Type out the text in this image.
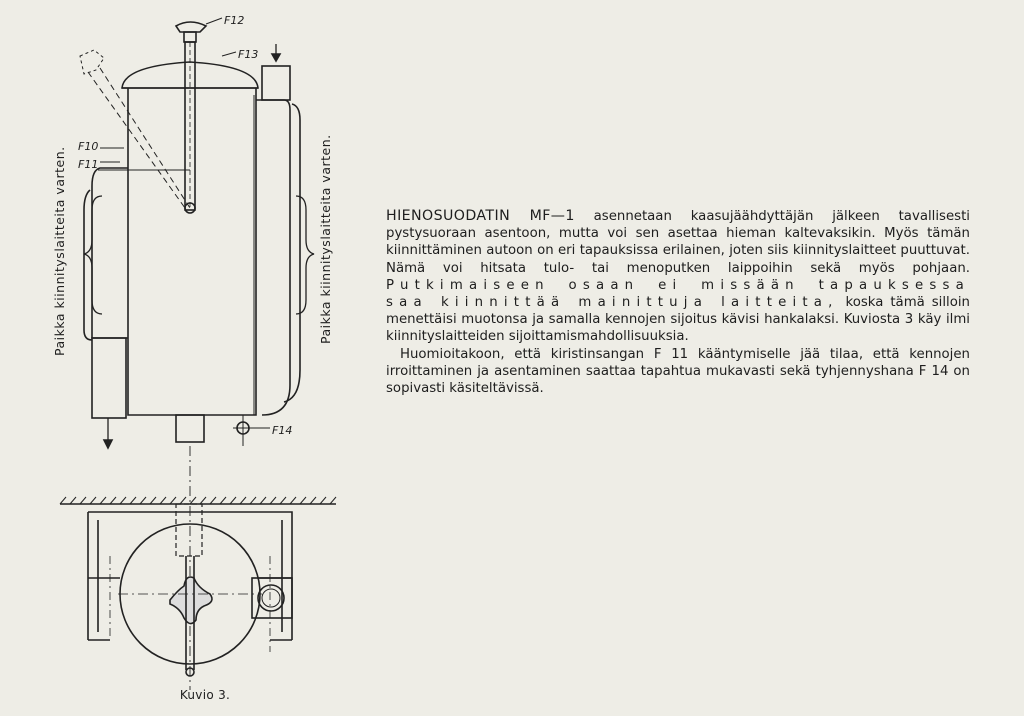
F12
F13
F10
F11
F14
Paikka kiinnityslaitteita varten.	Paikka kiinnityslaitteita varten.
Kuvio 3.

HIENOSUODATIN MF—1 asennetaan kaasujäähdyttäjän jälkeen tavallisesti pystysuoraan asentoon, mutta voi sen asettaa hieman kaltevaksikin. Myös tämän kiinnittäminen autoon on eri tapauksissa erilainen, joten siis kiinnityslaitteet puuttuvat. Nämä voi hitsata tulo- tai menoputken laippoihin sekä myös pohjaan. Putkimaiseen osaan ei missään tapauksessa saa kiinnittää mainittuja laitteita, koska tämä silloin menettäisi muotonsa ja samalla kennojen sijoitus kävisi hankalaksi. Kuviosta 3 käy ilmi kiinnityslaitteiden sijoittamismahdollisuuksia.

Huomioitakoon, että kiristinsangan F 11 kääntymiselle jää tilaa, että kennojen irroittaminen ja asentaminen saattaa tapahtua mukavasti sekä tyhjennyshana F 14 on sopivasti käsiteltävissä.
